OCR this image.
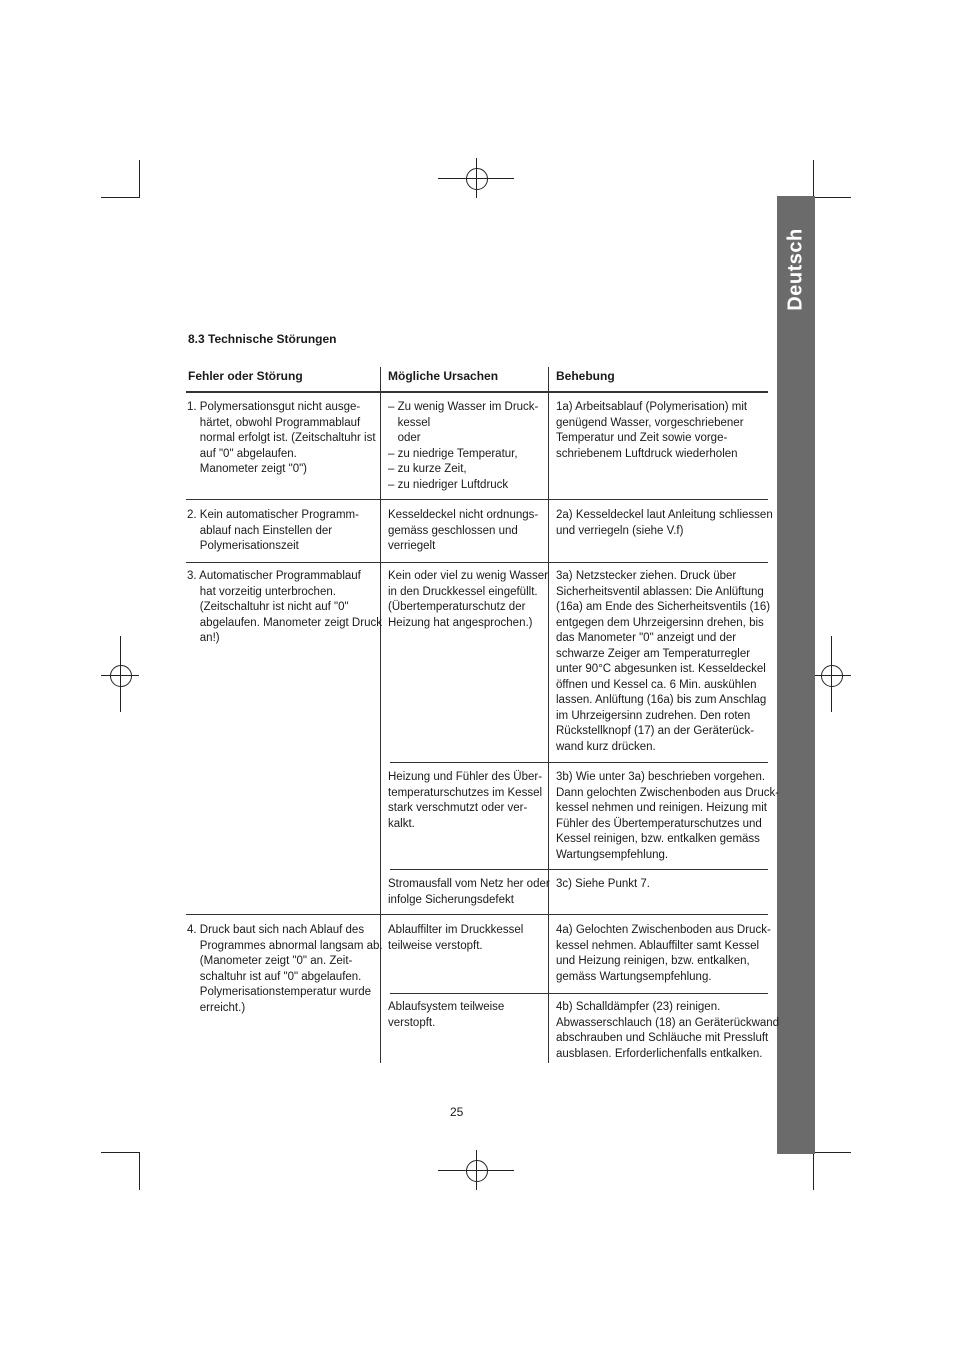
Deutsch
8.3 Technische Störungen
Fehler oder Störung	Mögliche Ursachen	Behebung
1. Polymersationsgut nicht ausge-
härtet, obwohl Programmablauf
normal erfolgt ist. (Zeitschaltuhr ist
auf "0" abgelaufen.
Manometer zeigt "0")
– Zu wenig Wasser im Druck-
kessel
oder
– zu niedrige Temperatur,
– zu kurze Zeit,
– zu niedriger Luftdruck
1a) Arbeitsablauf (Polymerisation) mit
genügend Wasser, vorgeschriebener
Temperatur und Zeit sowie vorge-
schriebenem Luftdruck wiederholen
2. Kein automatischer Programm-
ablauf nach Einstellen der
Polymerisationszeit
Kesseldeckel nicht ordnungs-
gemäss geschlossen und
verriegelt
2a) Kesseldeckel laut Anleitung schliessen
und verriegeln (siehe V.f)
3. Automatischer Programmablauf
hat vorzeitig unterbrochen.
(Zeitschaltuhr ist nicht auf "0"
abgelaufen. Manometer zeigt Druck
an!)
Kein oder viel zu wenig Wasser
in den Druckkessel eingefüllt.
(Übertemperaturschutz der
Heizung hat angesprochen.)
3a) Netzstecker ziehen. Druck über
Sicherheitsventil ablassen: Die Anlüftung
(16a) am Ende des Sicherheitsventils (16)
entgegen dem Uhrzeigersinn drehen, bis
das Manometer "0" anzeigt und der
schwarze Zeiger am Temperaturregler
unter 90°C abgesunken ist. Kesseldeckel
öffnen und Kessel ca. 6 Min. auskühlen
lassen. Anlüftung (16a) bis zum Anschlag
im Uhrzeigersinn zudrehen. Den roten
Rückstellknopf (17) an der Geräterück-
wand kurz drücken.
Heizung und Fühler des Über-
temperaturschutzes im Kessel
stark verschmutzt oder ver-
kalkt.
3b) Wie unter 3a) beschrieben vorgehen.
Dann gelochten Zwischenboden aus Druck-
kessel nehmen und reinigen. Heizung mit
Fühler des Übertemperaturschutzes und
Kessel reinigen, bzw. entkalken gemäss
Wartungsempfehlung.
Stromausfall vom Netz her oder
infolge Sicherungsdefekt
3c) Siehe Punkt 7.
4. Druck baut sich nach Ablauf des
Programmes abnormal langsam ab.
(Manometer zeigt "0" an. Zeit-
schaltuhr ist auf "0" abgelaufen.
Polymerisationstemperatur wurde
erreicht.)
Ablauffilter im Druckkessel
teilweise verstopft.
4a) Gelochten Zwischenboden aus Druck-
kessel nehmen. Ablauffilter samt Kessel
und Heizung reinigen, bzw. entkalken,
gemäss Wartungsempfehlung.
Ablaufsystem teilweise
verstopft.
4b) Schalldämpfer (23) reinigen.
Abwasserschlauch (18) an Geräterückwand
abschrauben und Schläuche mit Pressluft
ausblasen. Erforderlichenfalls entkalken.
25
